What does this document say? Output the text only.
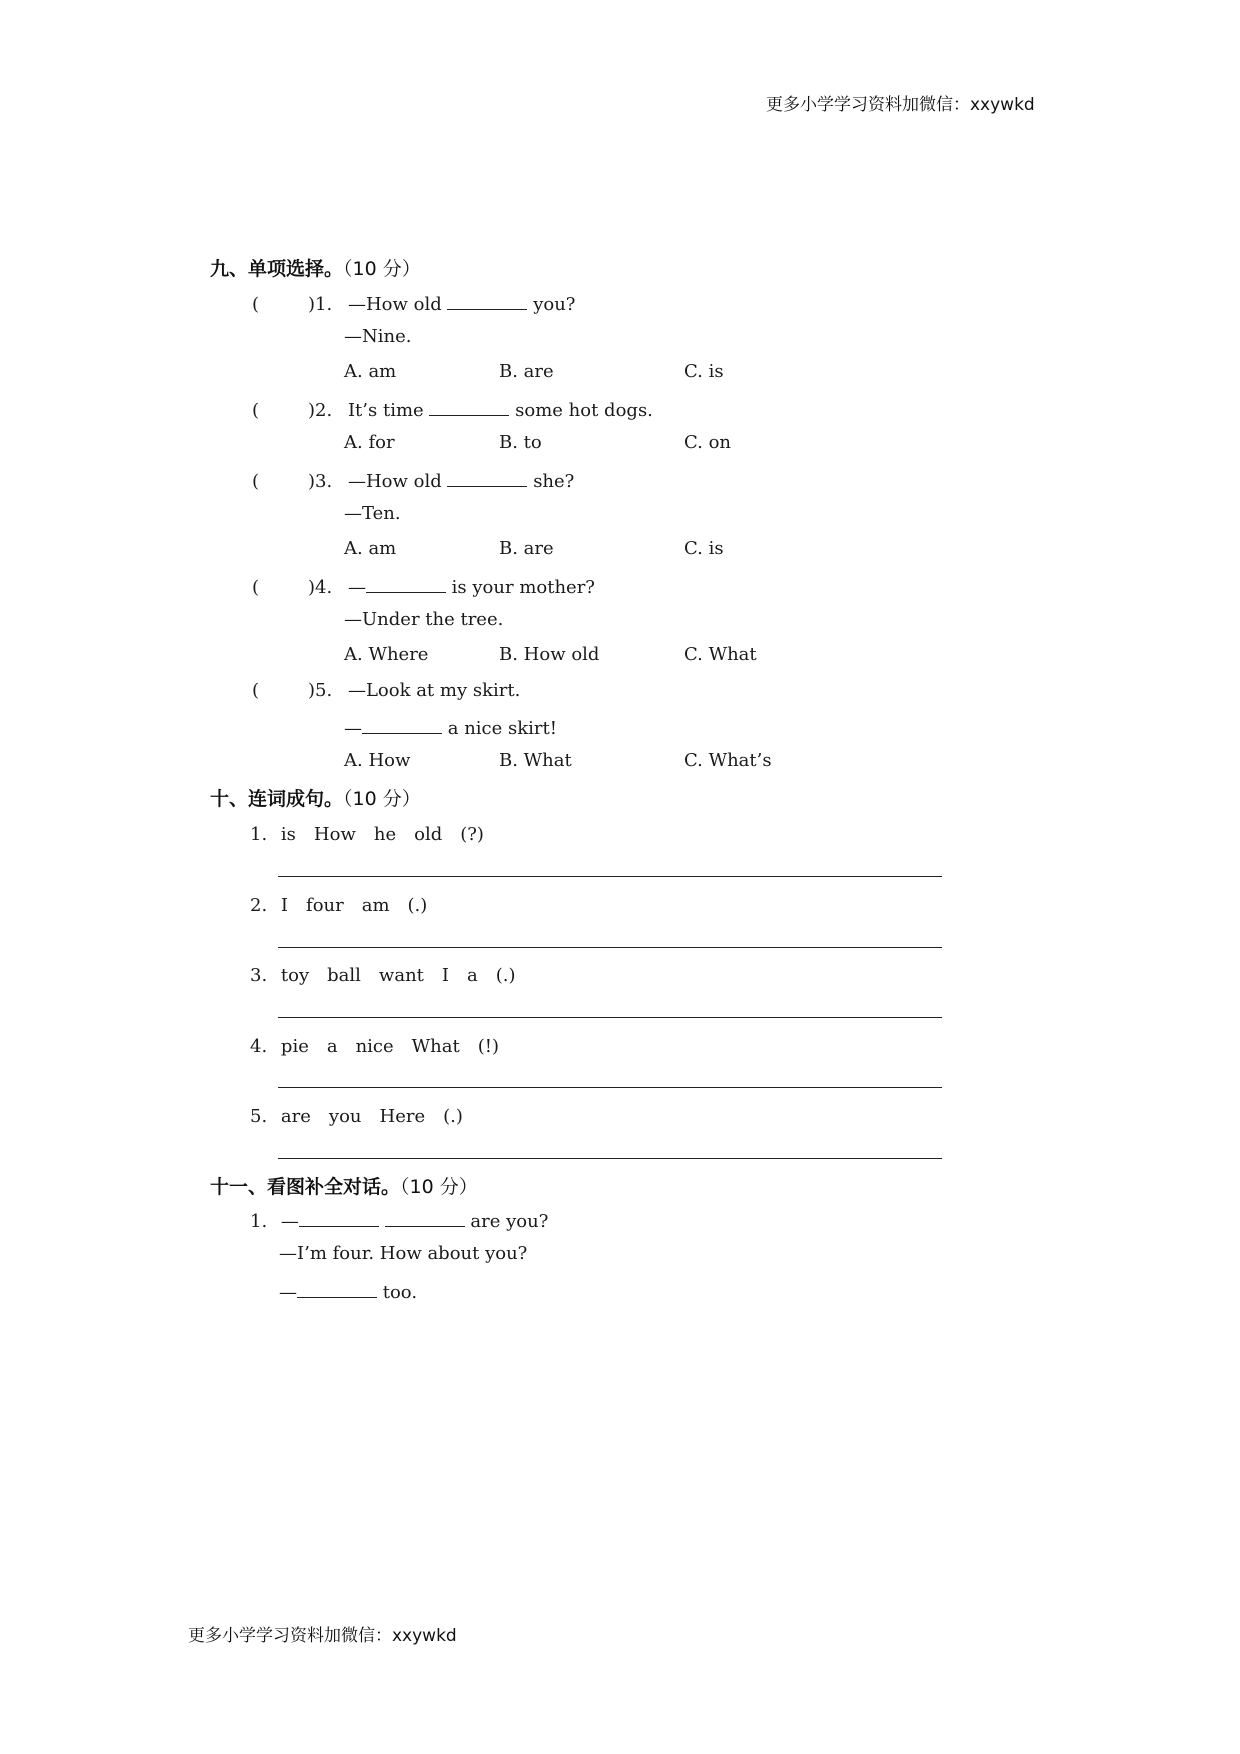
更多小学学习资料加微信：xxywkd
更多小学学习资料加微信：xxywkd
九、单项选择。（10 分）
(	)1. —How old	you?
—Nine.
A. am	B. are	C. is
(	)2. It’s time	some hot dogs.
A. for	B. to	C. on
(	)3. —How old	she?
—Ten.
A. am	B. are	C. is
(	)4. —	is your mother?
—Under the tree.
A. Where	B. How old	C. What
(	)5. —Look at my skirt.
—	a nice skirt!
A. How	B. What	C. What’s
十、连词成句。（10 分）
1. is　How　he　old　(?)
2. I　four　am　(.)
3. toy　ball　want　I　a　(.)
4. pie　a　nice　What　(!)
5. are　you　Here　(.)
十一、看图补全对话。（10 分）
1. —	are you?
—I’m four. How about you?
—	too.
